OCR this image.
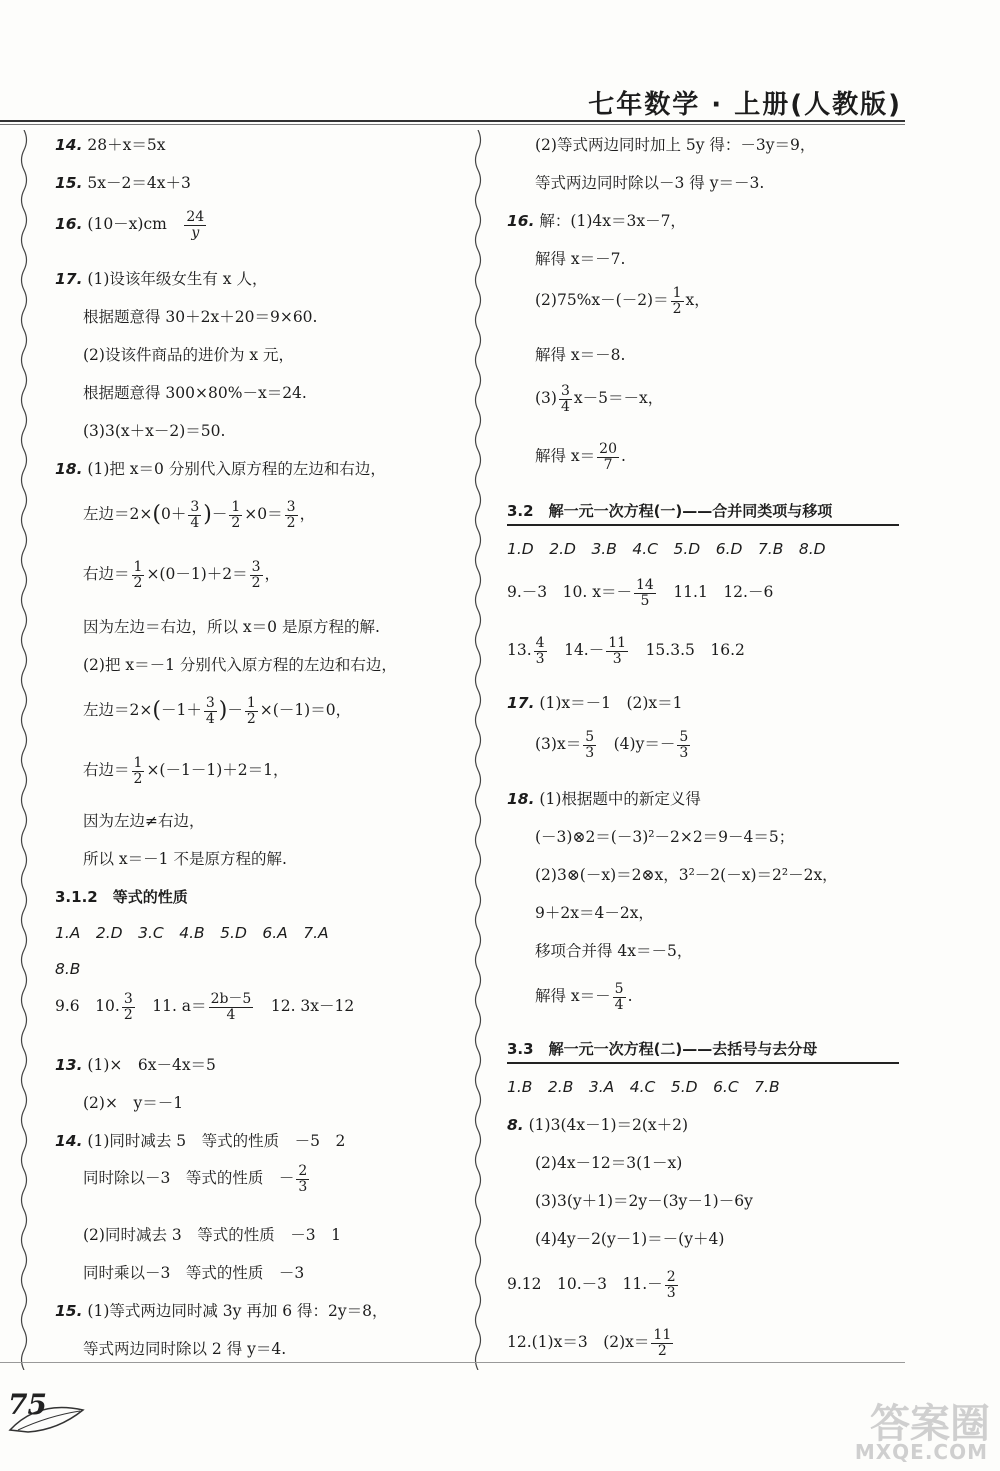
七年数学 · 上册(人教版)
14. 28＋x＝5x
15. 5x－2＝4x＋3
16. (10－x)cm　 $\frac{24}{y}$
17. (1)设该年级女生有 x 人，
根据题意得 30＋2x＋20＝9×60.
(2)设该件商品的进价为 x 元，
根据题意得 300×80%－x＝24.
(3)3(x＋x－2)＝50.
18. (1)把 x＝0 分别代入原方程的左边和右边，
左边$=2\times(0+ \frac{3}{4}$ )－ $\frac{1}{2} \times 0= \frac{3}{2}$ ，
右边＝ $\frac{1}{2} \times(0-1)+2= \frac{3}{2}$ ，
因为左边＝右边，所以 x＝0 是原方程的解.
(2)把 x＝－1 分别代入原方程的左边和右边，
左边$=2\times(-1+ \frac{3}{4}$ )－ $\frac{1}{2} \times(-1)=0$，
右边＝ $\frac{1}{2} \times(-1-1)+2=1$，
因为左边≠右边，
所以 x＝－1 不是原方程的解.
3.1.2　等式的性质
1.A　2.D　3.C　4.B　5.D　6.A　7.A
8.B
9.6　10. $\frac{3}{2}$ 　11. $a= \frac{2b-5}{4}$ 　12. 3x－12
13. (1)×　6x－4x＝5
(2)×　y＝－1
14. (1)同时减去 5　等式的性质　－5　2
同时除以－3　等式的性质　－ $\frac{2}{3}$
(2)同时减去 3　等式的性质　－3　1
同时乘以－3　等式的性质　－3
15. (1)等式两边同时减 3y 再加 6 得：2y＝8，
等式两边同时除以 2 得 y＝4.
(2)等式两边同时加上 5y 得：－3y＝9，
等式两边同时除以－3 得 y＝－3.
16. 解：(1)4x＝3x－7，
解得 x＝－7.
$(2)75\%x-(-2)= \frac{1}{2}$ x，
解得 x＝－8.
$(3) \frac{3}{4} x-5=-x$，
解得 $x= \frac{20}{7}$ .
3.2　解一元一次方程(一)——合并同类项与移项
1.D　2.D　3.B　4.C　5.D　6.D　7.B　8.D
9.－3　10. $x=- \frac{14}{5}$ 　11.1　12.－6
13. $\frac{4}{3}$ 　$14.- \frac{11}{3}$ 　15.3.5　16.2
17. (1)x＝－1　(2)x＝1
$(3)x= \frac{5}{3}$ 　$(4)y=- \frac{5}{3}$
18. (1)根据题中的新定义得
(－3)⊗2＝(－3)²－2×2＝9－4＝5；
(2)3⊗(－x)＝2⊗x，3²－2(－x)＝2²－2x，
9＋2x＝4－2x，
移项合并得 4x＝－5，
解得 $x=- \frac{5}{4}$ .
3.3　解一元一次方程(二)——去括号与去分母
1.B　2.B　3.A　4.C　5.D　6.C　7.B
8. (1)3(4x－1)＝2(x＋2)
(2)4x－12＝3(1－x)
(3)3(y＋1)＝2y－(3y－1)－6y
(4)4y－2(y－1)＝－(y＋4)
9.12　10.－3　$11.- \frac{2}{3}$
12.(1)x＝3　$(2)x= \frac{11}{2}$
75	答案圈
MXQE.COM
